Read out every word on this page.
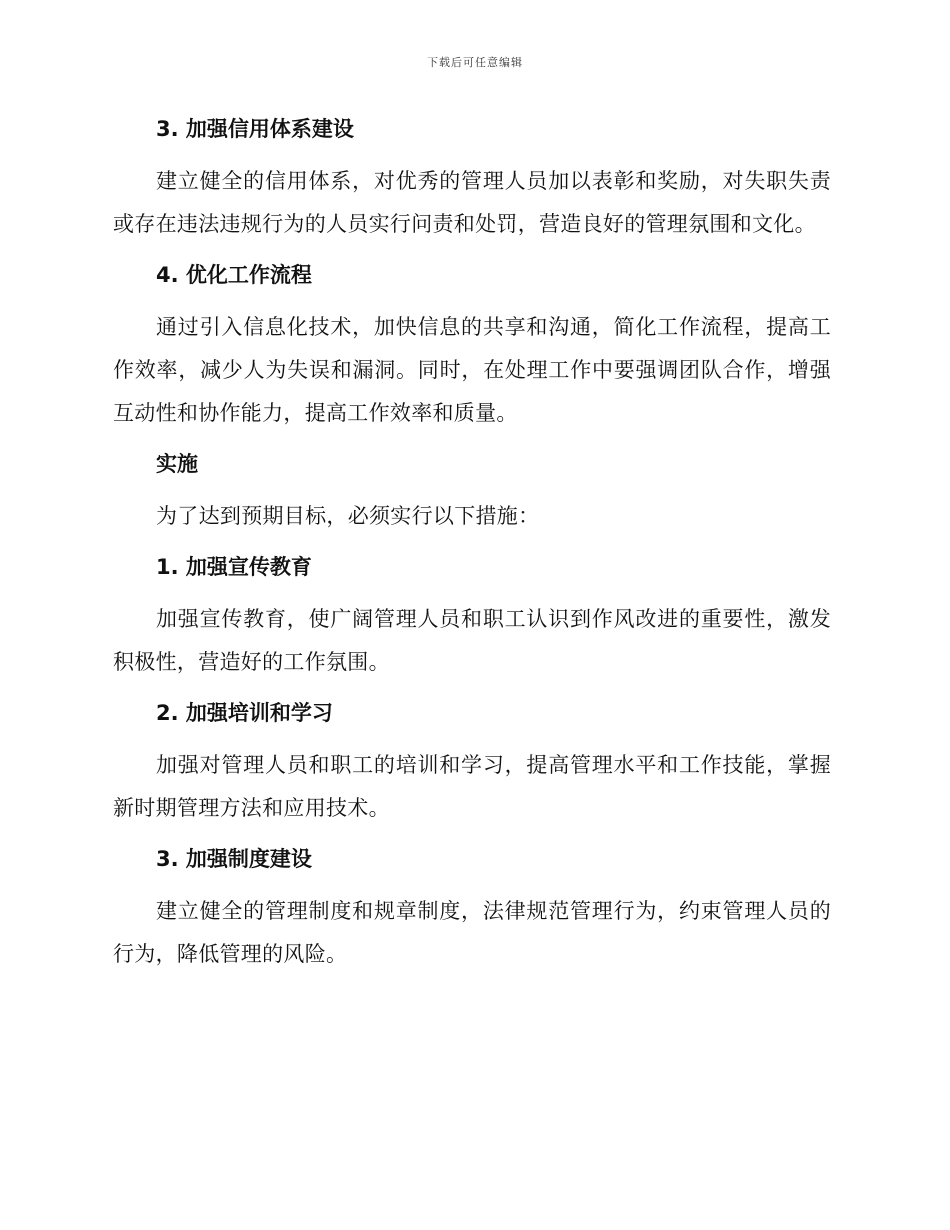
下载后可任意编辑
3. 加强信用体系建设

建立健全的信用体系，对优秀的管理人员加以表彰和奖励，对失职失责或存在违法违规行为的人员实行问责和处罚，营造良好的管理氛围和文化。

4. 优化工作流程

通过引入信息化技术，加快信息的共享和沟通，简化工作流程，提高工作效率，减少人为失误和漏洞。同时，在处理工作中要强调团队合作，增强互动性和协作能力，提高工作效率和质量。

实施

为了达到预期目标，必须实行以下措施：

1. 加强宣传教育

加强宣传教育，使广阔管理人员和职工认识到作风改进的重要性，激发积极性，营造好的工作氛围。

2. 加强培训和学习

加强对管理人员和职工的培训和学习，提高管理水平和工作技能，掌握新时期管理方法和应用技术。

3. 加强制度建设

建立健全的管理制度和规章制度，法律规范管理行为，约束管理人员的行为，降低管理的风险。
